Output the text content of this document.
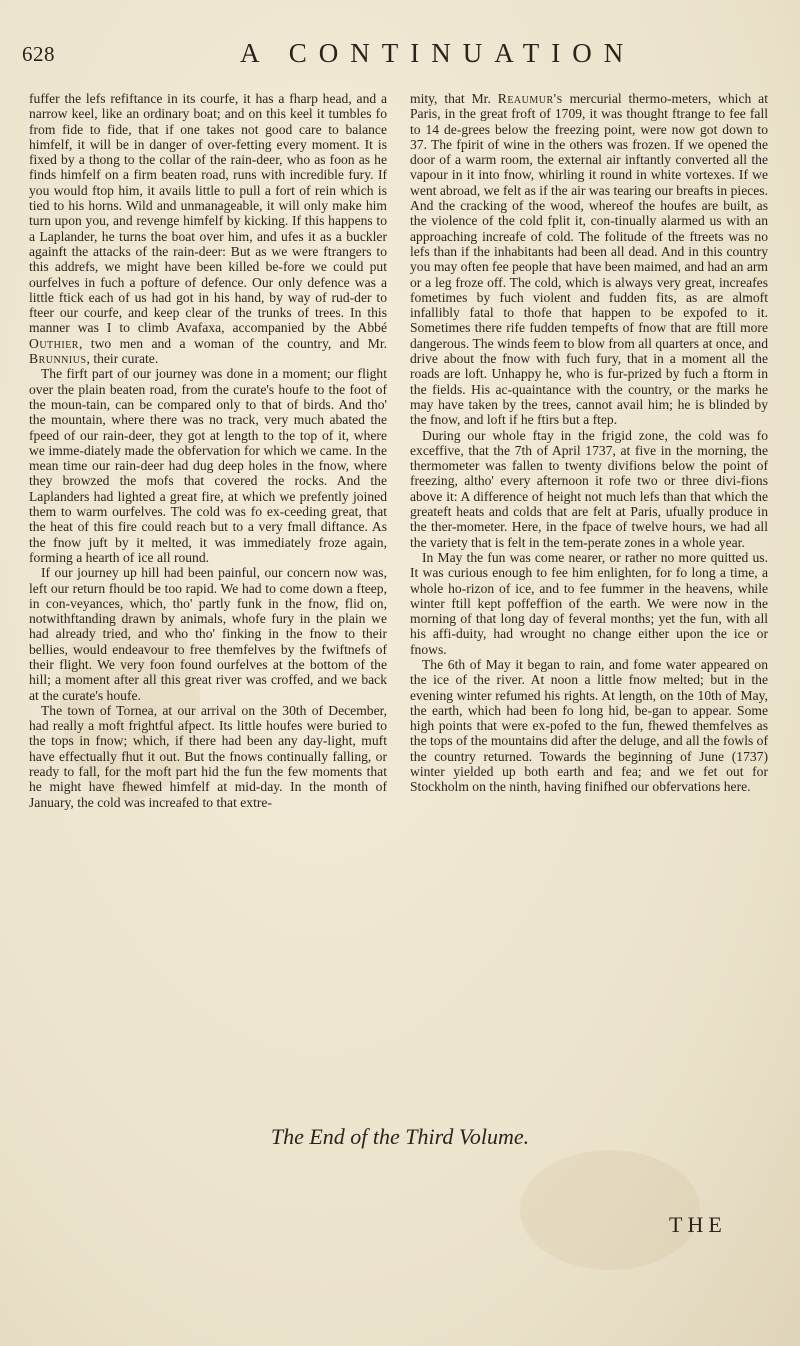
628	A CONTINUATION

fuffer the lefs refiftance in its courfe, it has a fharp head, and a narrow keel, like an ordinary boat; and on this keel it tumbles fo from fide to fide, that if one takes not good care to balance himfelf, it will be in danger of over-fetting every moment. It is fixed by a thong to the collar of the rain-deer, who as foon as he finds himfelf on a firm beaten road, runs with incredible fury. If you would ftop him, it avails little to pull a fort of rein which is tied to his horns. Wild and unmanageable, it will only make him turn upon you, and revenge himfelf by kicking. If this happens to a Laplander, he turns the boat over him, and ufes it as a buckler againft the attacks of the rain-deer: But as we were ftrangers to this addrefs, we might have been killed be-fore we could put ourfelves in fuch a pofture of defence. Our only defence was a little ftick each of us had got in his hand, by way of rud-der to fteer our courfe, and keep clear of the trunks of trees. In this manner was I to climb Avafaxa, accompanied by the Abbé Outhier, two men and a woman of the country, and Mr. Brunnius, their curate.

The firft part of our journey was done in a moment; our flight over the plain beaten road, from the curate's houfe to the foot of the moun-tain, can be compared only to that of birds. And tho' the mountain, where there was no track, very much abated the fpeed of our rain-deer, they got at length to the top of it, where we imme-diately made the obfervation for which we came. In the mean time our rain-deer had dug deep holes in the fnow, where they browzed the mofs that covered the rocks. And the Laplanders had lighted a great fire, at which we prefently joined them to warm ourfelves. The cold was fo ex-ceeding great, that the heat of this fire could reach but to a very fmall diftance. As the fnow juft by it melted, it was immediately froze again, forming a hearth of ice all round.

If our journey up hill had been painful, our concern now was, left our return fhould be too rapid. We had to come down a fteep, in con-veyances, which, tho' partly funk in the fnow, flid on, notwithftanding drawn by animals, whofe fury in the plain we had already tried, and who tho' finking in the fnow to their bellies, would endeavour to free themfelves by the fwiftnefs of their flight. We very foon found ourfelves at the bottom of the hill; a moment after all this great river was croffed, and we back at the curate's houfe.

The town of Tornea, at our arrival on the 30th of December, had really a moft frightful afpect. Its little houfes were buried to the tops in fnow; which, if there had been any day-light, muft have effectually fhut it out. But the fnows continually falling, or ready to fall, for the moft part hid the fun the few moments that he might have fhewed himfelf at mid-day. In the month of January, the cold was increafed to that extre-

mity, that Mr. Reaumur's mercurial thermo-meters, which at Paris, in the great froft of 1709, it was thought ftrange to fee fall to 14 de-grees below the freezing point, were now got down to 37. The fpirit of wine in the others was frozen. If we opened the door of a warm room, the external air inftantly converted all the vapour in it into fnow, whirling it round in white vortexes. If we went abroad, we felt as if the air was tearing our breafts in pieces. And the cracking of the wood, whereof the houfes are built, as the violence of the cold fplit it, con-tinually alarmed us with an approaching increafe of cold. The folitude of the ftreets was no lefs than if the inhabitants had been all dead. And in this country you may often fee people that have been maimed, and had an arm or a leg froze off. The cold, which is always very great, increafes fometimes by fuch violent and fudden fits, as are almoft infallibly fatal to thofe that happen to be expofed to it. Sometimes there rife fudden tempefts of fnow that are ftill more dangerous. The winds feem to blow from all quarters at once, and drive about the fnow with fuch fury, that in a moment all the roads are loft. Unhappy he, who is fur-prized by fuch a ftorm in the fields. His ac-quaintance with the country, or the marks he may have taken by the trees, cannot avail him; he is blinded by the fnow, and loft if he ftirs but a ftep.

During our whole ftay in the frigid zone, the cold was fo exceffive, that the 7th of April 1737, at five in the morning, the thermometer was fallen to twenty divifions below the point of freezing, altho' every afternoon it rofe two or three divi-fions above it: A difference of height not much lefs than that which the greateft heats and colds that are felt at Paris, ufually produce in the ther-mometer. Here, in the fpace of twelve hours, we had all the variety that is felt in the tem-perate zones in a whole year.

In May the fun was come nearer, or rather no more quitted us. It was curious enough to fee him enlighten, for fo long a time, a whole ho-rizon of ice, and to fee fummer in the heavens, while winter ftill kept poffeffion of the earth. We were now in the morning of that long day of feveral months; yet the fun, with all his affi-duity, had wrought no change either upon the ice or fnows.

The 6th of May it began to rain, and fome water appeared on the ice of the river. At noon a little fnow melted; but in the evening winter refumed his rights. At length, on the 10th of May, the earth, which had been fo long hid, be-gan to appear. Some high points that were ex-pofed to the fun, fhewed themfelves as the tops of the mountains did after the deluge, and all the fowls of the country returned. Towards the beginning of June (1737) winter yielded up both earth and fea; and we fet out for Stockholm on the ninth, having finifhed our obfervations here.

The End of the Third Volume.
THE
